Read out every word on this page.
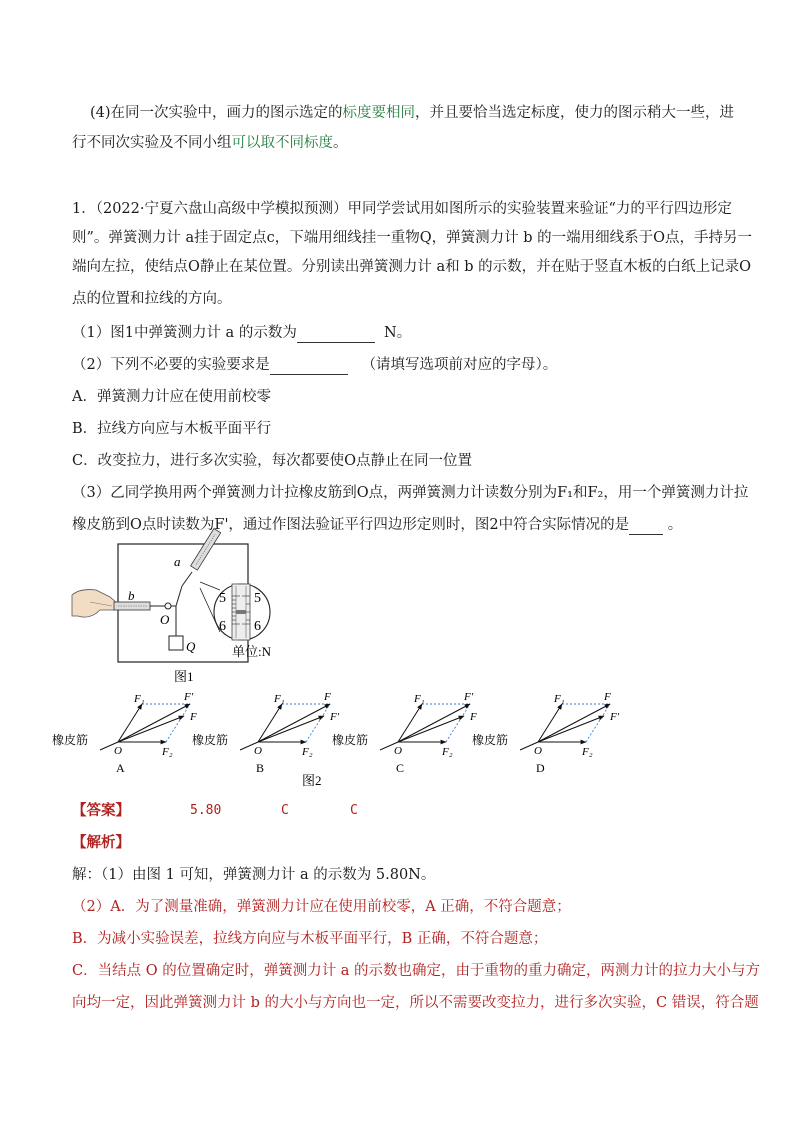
(4)在同一次实验中，画力的图示选定的标度要相同，并且要恰当选定标度，使力的图示稍大一些，进
行不同次实验及不同小组可以取不同标度。
1．（2022·宁夏六盘山高级中学模拟预测）甲同学尝试用如图所示的实验装置来验证“力的平行四边形定
则”。弹簧测力计 a挂于固定点c，下端用细线挂一重物Q，弹簧测力计 b 的一端用细线系于O点，手持另一
端向左拉，使结点O静止在某位置。分别读出弹簧测力计 a和 b 的示数，并在贴于竖直木板的白纸上记录O
点的位置和拉线的方向。
（1）图1中弹簧测力计 a 的示数为	N。
（2）下列不必要的实验要求是	（请填写选项前对应的字母）。
A．弹簧测力计应在使用前校零
B．拉线方向应与木板平面平行
C．改变拉力，进行多次实验，每次都要使O点静止在同一位置
（3）乙同学换用两个弹簧测力计拉橡皮筋到O点，两弹簧测力计读数分别为F₁和F₂，用一个弹簧测力计拉
橡皮筋到O点时读数为F'，通过作图法验证平行四边形定则时，图2中符合实际情况的是	。
b
O
a
Q
5
6
5
6
单位:N
图1
橡皮筋
O
F₁
F₂
F'
F
A
橡皮筋
O
F₁
F₂
F
F'
B
橡皮筋
O
F₁
F₂
F'
F
C
橡皮筋
O
F₁
F₂
F
F'
D
图2
【答案】	5.80	C	C
【解析】
解：（1）由图 1 可知，弹簧测力计 a 的示数为 5.80N。
（2）A．为了测量准确，弹簧测力计应在使用前校零，A 正确，不符合题意；
B．为减小实验误差，拉线方向应与木板平面平行，B 正确，不符合题意；
C．当结点 O 的位置确定时，弹簧测力计 a 的示数也确定，由于重物的重力确定，两测力计的拉力大小与方
向均一定，因此弹簧测力计 b 的大小与方向也一定，所以不需要改变拉力，进行多次实验，C 错误，符合题
